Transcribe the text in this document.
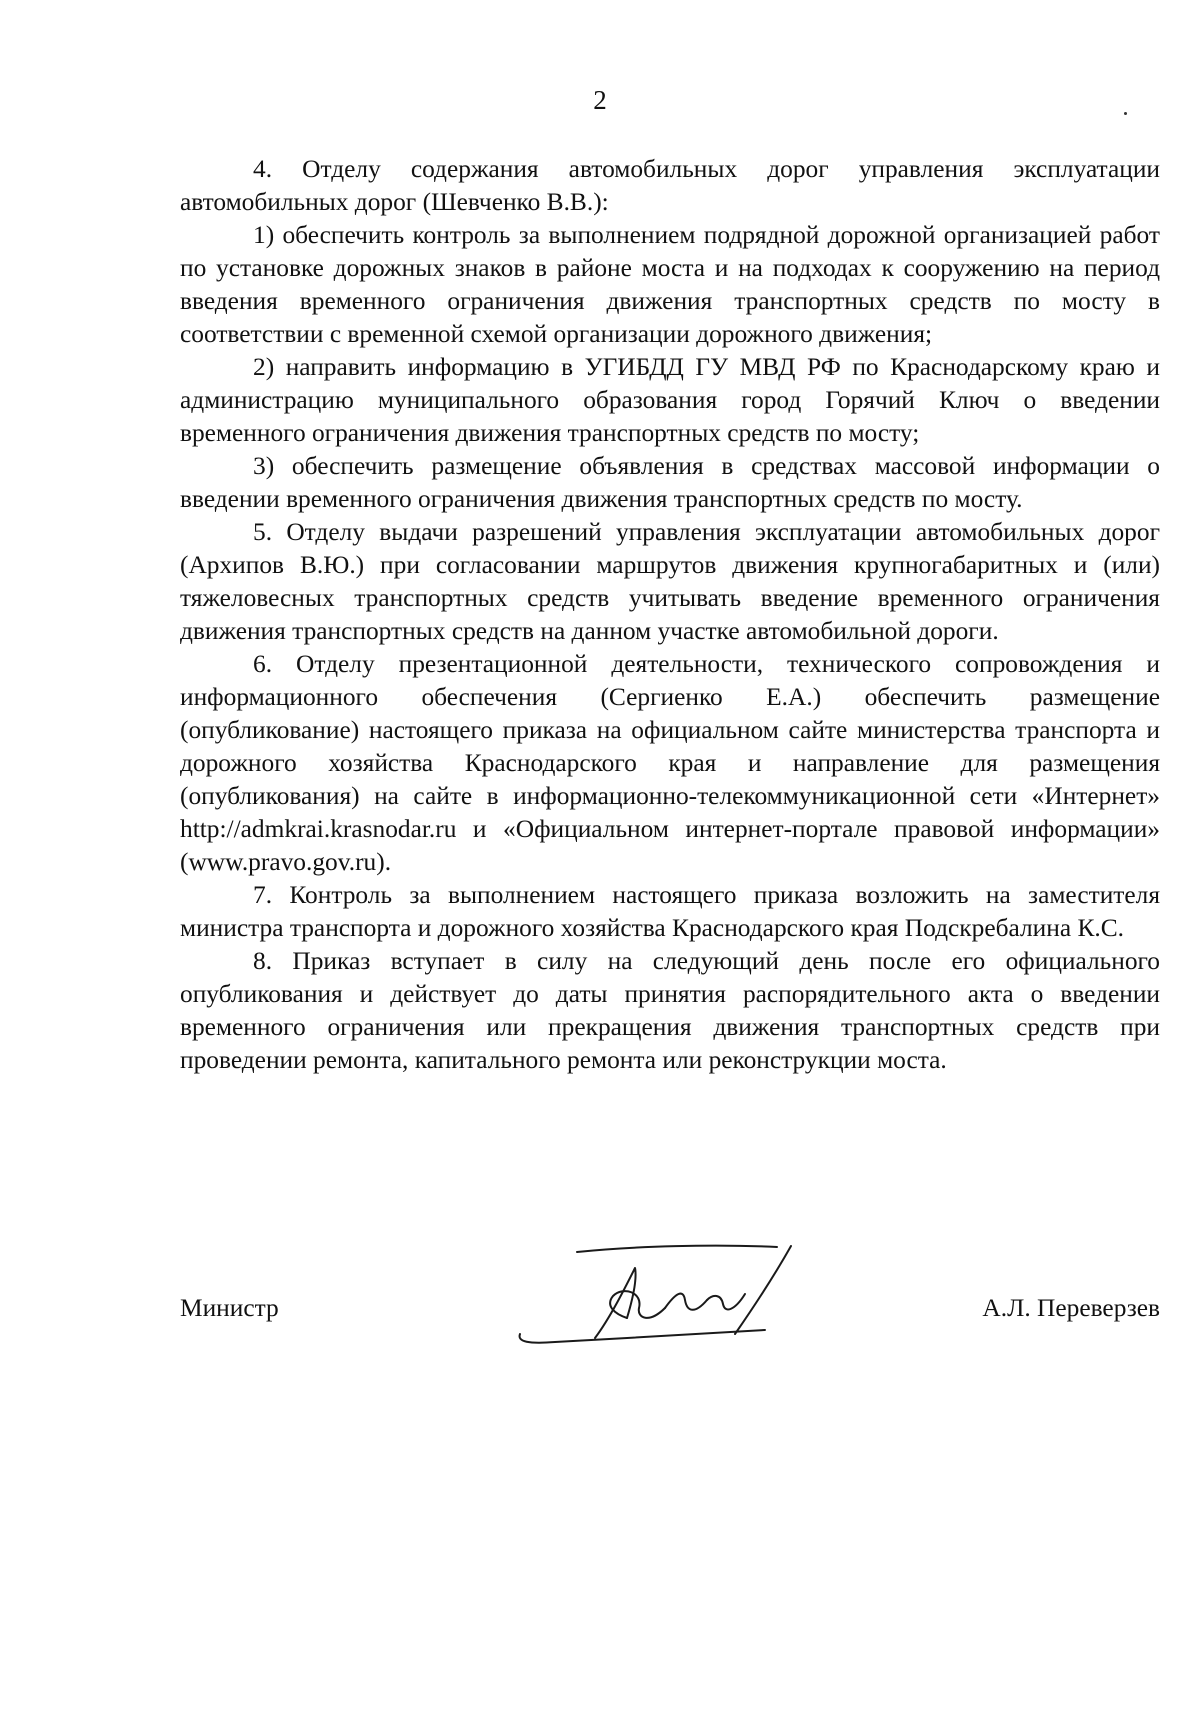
2

4. Отделу содержания автомобильных дорог управления эксплуатации автомобильных дорог (Шевченко В.В.):

1) обеспечить контроль за выполнением подрядной дорожной организацией работ по установке дорожных знаков в районе моста и на подходах к сооружению на период введения временного ограничения движения транспортных средств по мосту в соответствии с временной схемой организации дорожного движения;

2) направить информацию в УГИБДД ГУ МВД РФ по Краснодарскому краю и администрацию муниципального образования город Горячий Ключ о введении временного ограничения движения транспортных средств по мосту;

3) обеспечить размещение объявления в средствах массовой информации о введении временного ограничения движения транспортных средств по мосту.

5. Отделу выдачи разрешений управления эксплуатации автомобильных дорог (Архипов В.Ю.) при согласовании маршрутов движения крупногабаритных и (или) тяжеловесных транспортных средств учитывать введение временного ограничения движения транспортных средств на данном участке автомобильной дороги.

6. Отделу презентационной деятельности, технического сопровождения и информационного обеспечения (Сергиенко Е.А.) обеспечить размещение (опубликование) настоящего приказа на официальном сайте министерства транспорта и дорожного хозяйства Краснодарского края и направление для размещения (опубликования) на сайте в информационно-телекоммуникационной сети «Интернет» http://admkrai.krasnodar.ru и «Официальном интернет-портале правовой информации» (www.pravo.gov.ru).

7. Контроль за выполнением настоящего приказа возложить на заместителя министра транспорта и дорожного хозяйства Краснодарского края Подскребалина К.С.

8. Приказ вступает в силу на следующий день после его официального опубликования и действует до даты принятия распорядительного акта о введении временного ограничения или прекращения движения транспортных средств при проведении ремонта, капитального ремонта или реконструкции моста.

Министр	А.Л. Переверзев
